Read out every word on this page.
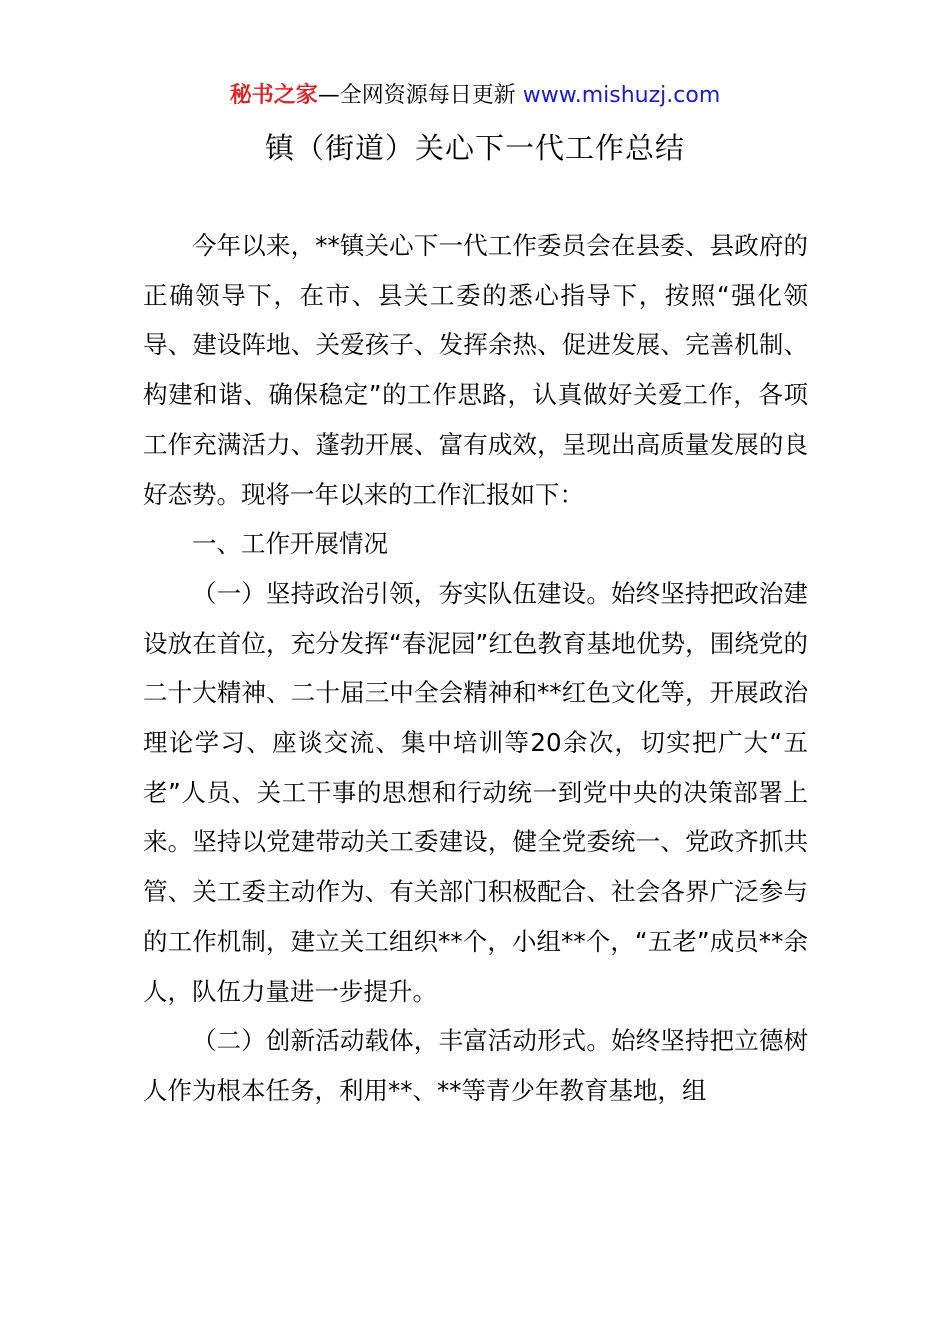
秘书之家—全网资源每日更新 www.mishuzj.com
镇（街道）关心下一代工作总结

今年以来，**镇关心下一代工作委员会在县委、县政府的正确领导下，在市、县关工委的悉心指导下，按照“强化领导、建设阵地、关爱孩子、发挥余热、促进发展、完善机制、构建和谐、确保稳定”的工作思路，认真做好关爱工作，各项工作充满活力、蓬勃开展、富有成效，呈现出高质量发展的良好态势。现将一年以来的工作汇报如下：

一、工作开展情况

（一）坚持政治引领，夯实队伍建设。始终坚持把政治建设放在首位，充分发挥“春泥园”红色教育基地优势，围绕党的二十大精神、二十届三中全会精神和**红色文化等，开展政治理论学习、座谈交流、集中培训等20余次，切实把广大“五老”人员、关工干事的思想和行动统一到党中央的决策部署上来。坚持以党建带动关工委建设，健全党委统一、党政齐抓共管、关工委主动作为、有关部门积极配合、社会各界广泛参与的工作机制，建立关工组织**个，小组**个，“五老”成员**余人，队伍力量进一步提升。

（二）创新活动载体，丰富活动形式。始终坚持把立德树人作为根本任务，利用**、**等青少年教育基地，组
